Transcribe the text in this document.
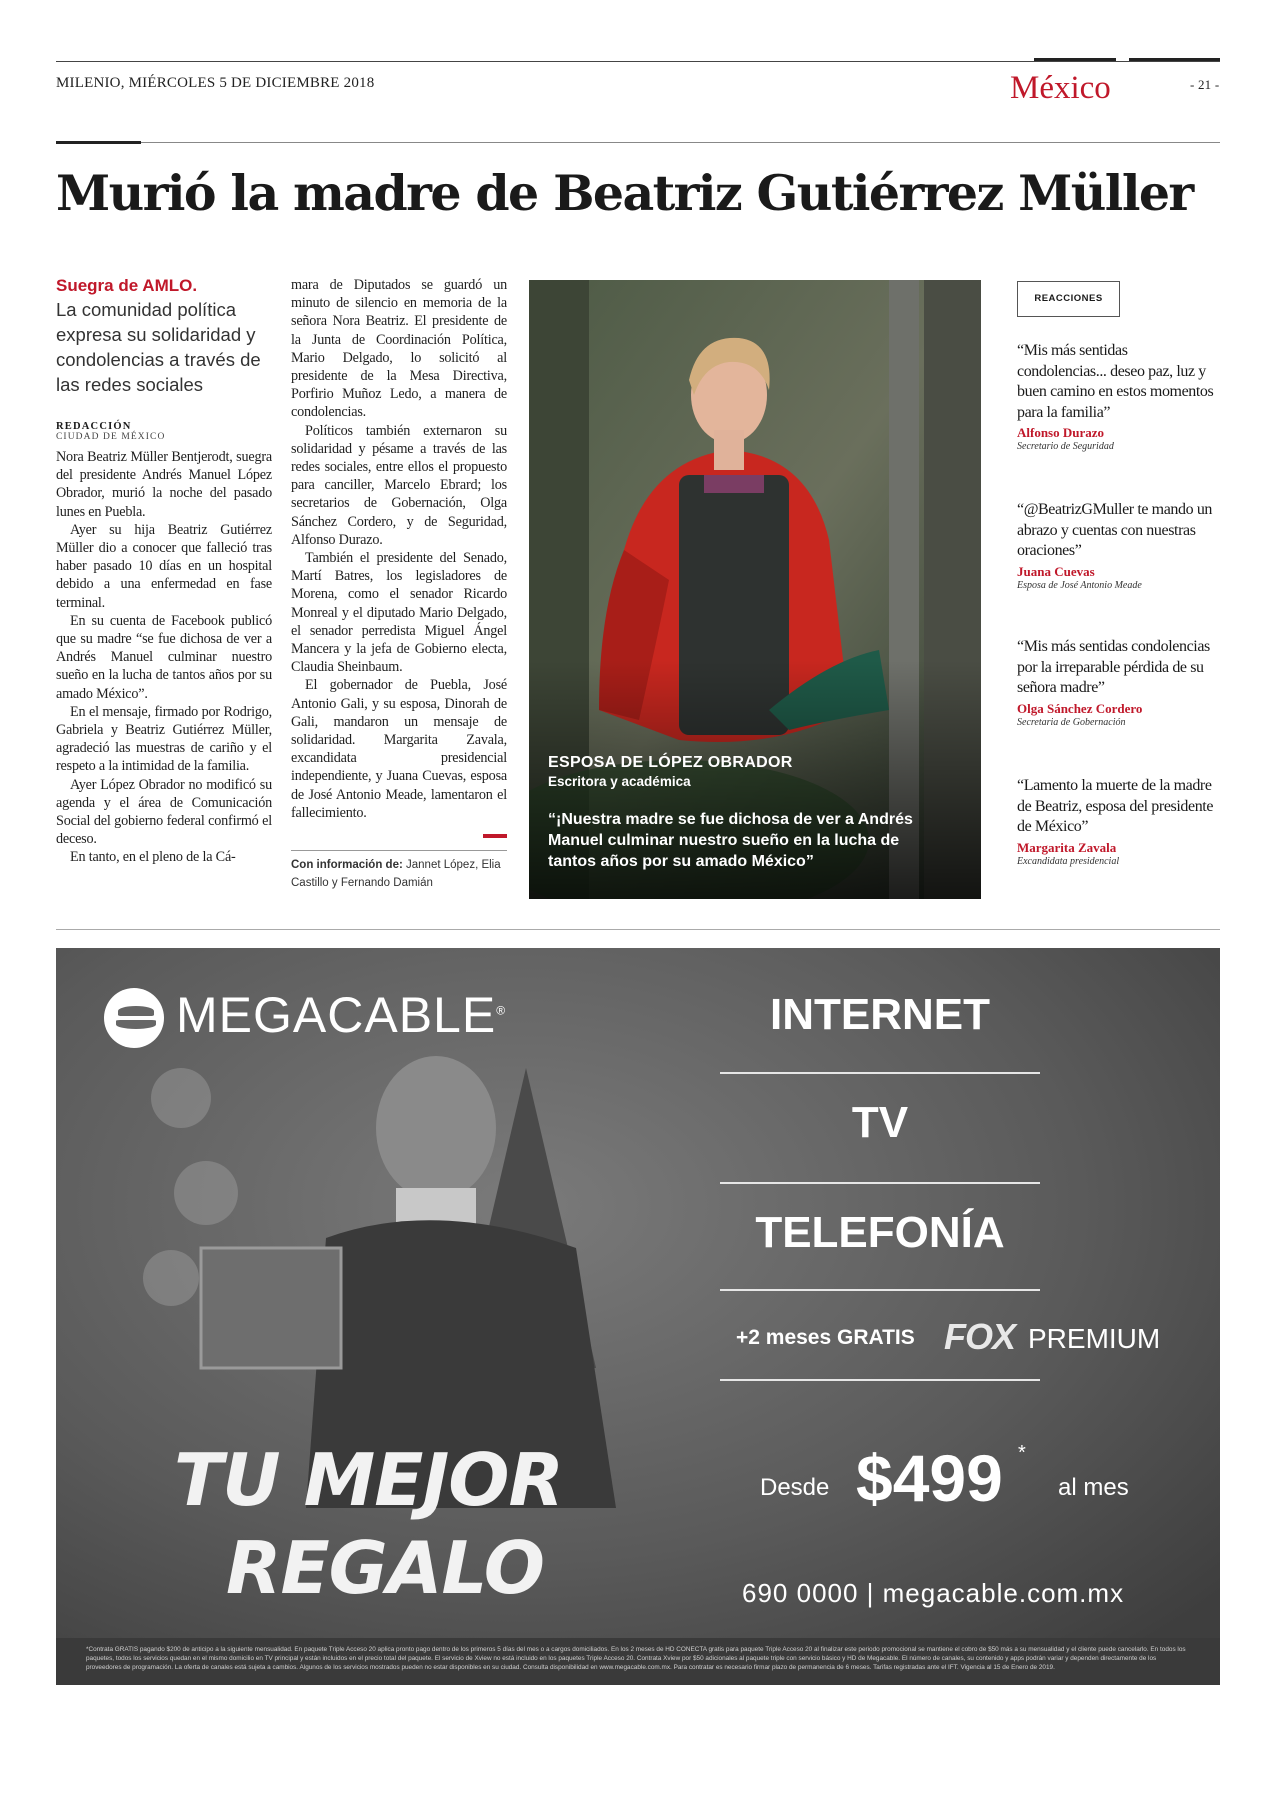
MILENIO, MIÉRCOLES 5 DE DICIEMBRE 2018	México	- 21 -
Murió la madre de Beatriz Gutiérrez Müller
Suegra de AMLO.
La comunidad política expresa su solidaridad y condolencias a través de las redes sociales
REDACCIÓN
CIUDAD DE MÉXICO

Nora Beatriz Müller Bentjerodt, suegra del presidente Andrés Manuel López Obrador, murió la noche del pasado lunes en Puebla.

Ayer su hija Beatriz Gutiérrez Müller dio a conocer que falleció tras haber pasado 10 días en un hospital debido a una enfermedad en fase terminal.

En su cuenta de Facebook publicó que su madre “se fue dichosa de ver a Andrés Manuel culminar nuestro sueño en la lucha de tantos años por su amado México”.

En el mensaje, firmado por Rodrigo, Gabriela y Beatriz Gutiérrez Müller, agradeció las muestras de cariño y el respeto a la intimidad de la familia.

Ayer López Obrador no modificó su agenda y el área de Comunicación Social del gobierno federal confirmó el deceso.

En tanto, en el pleno de la Cá-

mara de Diputados se guardó un minuto de silencio en memoria de la señora Nora Beatriz. El presidente de la Junta de Coordinación Política, Mario Delgado, lo solicitó al presidente de la Mesa Directiva, Porfirio Muñoz Ledo, a manera de condolencias.

Políticos también externaron su solidaridad y pésame a través de las redes sociales, entre ellos el propuesto para canciller, Marcelo Ebrard; los secretarios de Gobernación, Olga Sánchez Cordero, y de Seguridad, Alfonso Durazo.

También el presidente del Senado, Martí Batres, los legisladores de Morena, como el senador Ricardo Monreal y el diputado Mario Delgado, el senador perredista Miguel Ángel Mancera y la jefa de Gobierno electa, Claudia Sheinbaum.

El gobernador de Puebla, José Antonio Gali, y su esposa, Dinorah de Gali, mandaron un mensaje de solidaridad. Margarita Zavala, excandidata presidencial independiente, y Juana Cuevas, esposa de José Antonio Meade, lamentaron el fallecimiento.

Con información de: Jannet López, Elia Castillo y Fernando Damián
ESPOSA DE LÓPEZ OBRADOR
Escritora y académica
“¡Nuestra madre se fue dichosa de ver a Andrés Manuel culminar nuestro sueño en la lucha de tantos años por su amado México”
REACCIONES
“Mis más sentidas condolencias... deseo paz, luz y buen camino en estos momentos para la familia”
Alfonso Durazo
Secretario de Seguridad
“@BeatrizGMuller te mando un abrazo y cuentas con nuestras oraciones”
Juana Cuevas
Esposa de José Antonio Meade
“Mis más sentidas condolencias por la irreparable pérdida de su señora madre”
Olga Sánchez Cordero
Secretaria de Gobernación
“Lamento la muerte de la madre de Beatriz, esposa del presidente de México”
Margarita Zavala
Excandidata presidencial
MEGACABLE®	INTERNET
TV
TELEFONÍA
+2 meses GRATIS FOX PREMIUM
TU MEJOR
REGALO
Desde $499 *
al mes
690 0000 | megacable.com.mx
*Contrata GRATIS pagando $200 de anticipo a la siguiente mensualidad. En paquete Triple Acceso 20 aplica pronto pago dentro de los primeros 5 días del mes o a cargos domiciliados. En los 2 meses de HD CONECTA gratis para paquete Triple Acceso 20 al finalizar este periodo promocional se mantiene el cobro de $50 más a su mensualidad y el cliente puede cancelarlo. En todos los paquetes, todos los servicios quedan en el mismo domicilio en TV principal y están incluidos en el precio total del paquete. El servicio de Xview no está incluido en los paquetes Triple Acceso 20. Contrata Xview por $50 adicionales al paquete triple con servicio básico y HD de Megacable. El número de canales, su contenido y apps podrán variar y dependen directamente de los proveedores de programación. La oferta de canales está sujeta a cambios. Algunos de los servicios mostrados pueden no estar disponibles en su ciudad. Consulta disponibilidad en www.megacable.com.mx. Para contratar es necesario firmar plazo de permanencia de 6 meses. Tarifas registradas ante el IFT. Vigencia al 15 de Enero de 2019.
